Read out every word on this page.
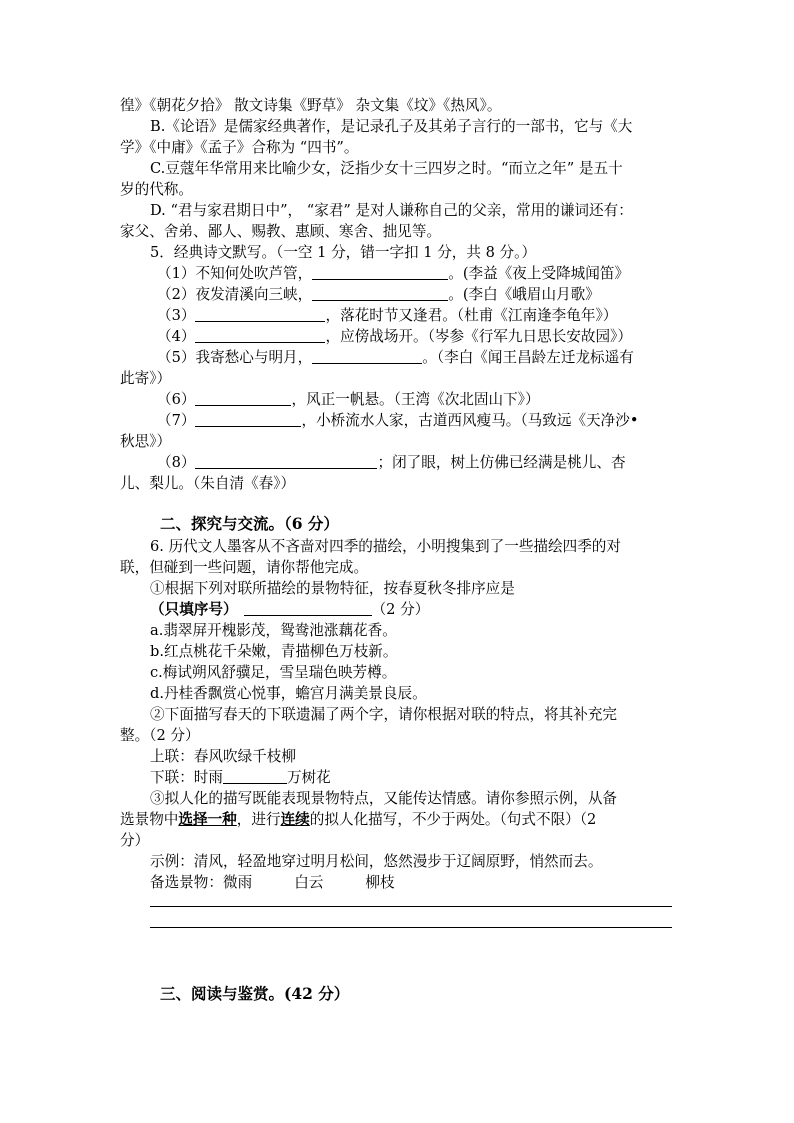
徨》《朝花夕拾》 散文诗集《野草》 杂文集《坟》《热风》。
B.《论语》是儒家经典著作，是记录孔子及其弟子言行的一部书，它与《大
学》《中庸》《孟子》合称为 “四书”。
C.豆蔻年华常用来比喻少女，泛指少女十三四岁之时。“而立之年” 是五十
岁的代称。
D. “君与家君期日中”， “家君” 是对人谦称自己的父亲，常用的谦词还有：
家父、舍弟、鄙人、赐教、惠顾、寒舍、拙见等。
5．经典诗文默写。（一空 1 分，错一字扣 1 分，共 8 分。）
（1）不知何处吹芦管，	。(李益《夜上受降城闻笛》
（2）夜发清溪向三峡，	。(李白《峨眉山月歌》
（3）	，落花时节又逢君。（杜甫《江南逢李龟年》）
（4）	，应傍战场开。（岑参《行军九日思长安故园》）
（5）我寄愁心与明月，	。（李白《闻王昌龄左迁龙标遥有
此寄》）
（6）	，风正一帆悬。（王湾《次北固山下》）
（7）	，小桥流水人家，古道西风瘦马。（马致远《天净沙•
秋思》）
（8）	；闭了眼，树上仿佛已经满是桃儿、杏
儿、梨儿。（朱自清《春》）
二、探究与交流。（6 分）
6. 历代文人墨客从不吝啬对四季的描绘，小明搜集到了一些描绘四季的对
联，但碰到一些问题，请你帮他完成。
①根据下列对联所描绘的景物特征，按春夏秋冬排序应是
（只填序号）	（2 分）
a.翡翠屏开槐影茂，鸳鸯池涨藕花香。
b.红点桃花千朵嫩，青描柳色万枝新。
c.梅试朔风舒骥足，雪呈瑞色映芳樽。
d.丹桂香飘赏心悦事，蟾宫月满美景良辰。
②下面描写春天的下联遗漏了两个字，请你根据对联的特点，将其补充完
整。（2 分）
上联：春风吹绿千枝柳
下联：时雨	万树花
③拟人化的描写既能表现景物特点，又能传达情感。请你参照示例，从备
选景物中选择一种，进行连续的拟人化描写，不少于两处。（句式不限）（2
分）
示例：清风，轻盈地穿过明月松间，悠然漫步于辽阔原野，悄然而去。
备选景物：微雨	白云	柳枝
三、阅读与鉴赏。(42 分）
